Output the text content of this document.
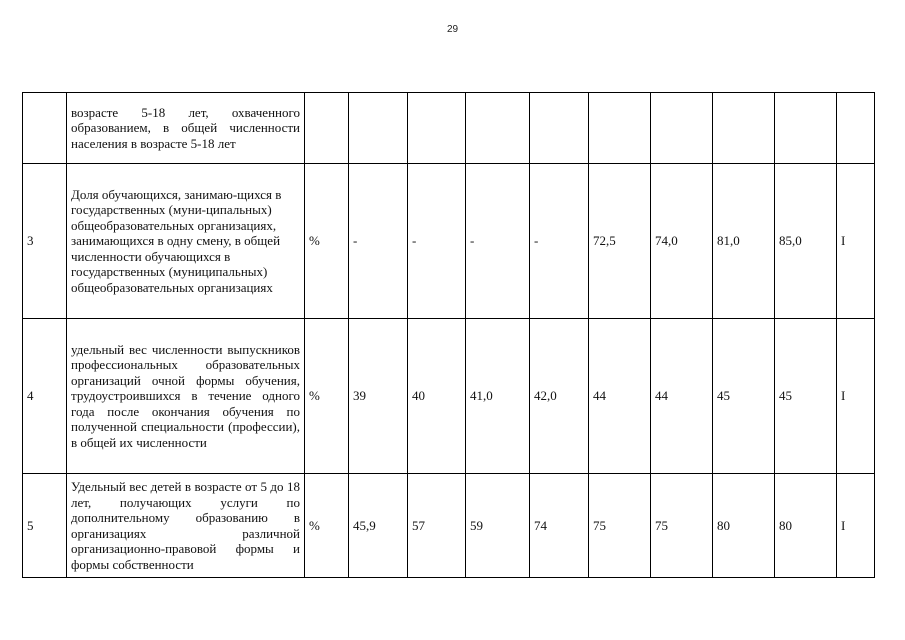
29
	возрасте 5-18 лет, охваченного образованием, в общей численности населения в возрасте 5-18 лет										
3	Доля обучающихся, занимаю-щихся в государственных (муни-ципальных) общеобразовательных организациях, занимающихся в одну смену, в общей численности обучающихся в государственных (муниципальных) общеобразовательных организациях	%	-	-	-	-	72,5	74,0	81,0	85,0	I
4	удельный вес численности выпускников профессиональных образовательных организаций очной формы обучения, трудоустроившихся в течение одного года после окончания обучения по полученной специальности (профессии), в общей их численности	%	39	40	41,0	42,0	44	44	45	45	I
5	Удельный вес детей в возрасте от 5 до 18 лет, получающих услуги по дополнительному образованию в организациях различной организационно-правовой формы и формы собственности	%	45,9	57	59	74	75	75	80	80	I
